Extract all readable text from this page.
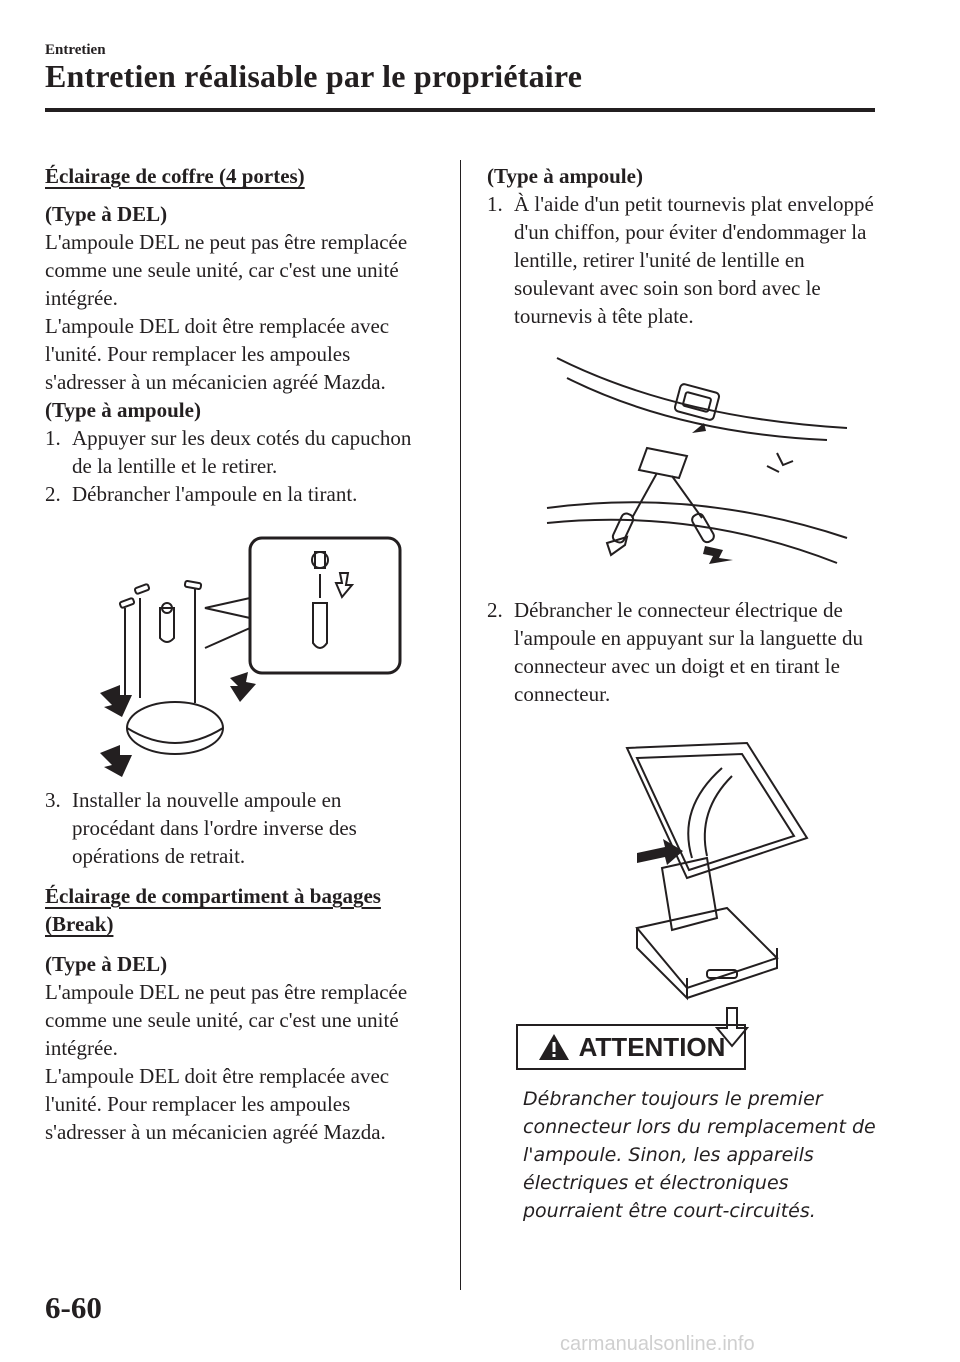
Entretien
Entretien réalisable par le propriétaire
Éclairage de coffre (4 portes)
(Type à DEL)

L'ampoule DEL ne peut pas être remplacée comme une seule unité, car c'est une unité intégrée.

L'ampoule DEL doit être remplacée avec l'unité. Pour remplacer les ampoules s'adresser à un mécanicien agréé Mazda.

(Type à ampoule)
1. Appuyer sur les deux cotés du capuchon de la lentille et le retirer.
2. Débrancher l'ampoule en la tirant.
3. Installer la nouvelle ampoule en procédant dans l'ordre inverse des opérations de retrait.
Éclairage de compartiment à bagages (Break)
(Type à DEL)

L'ampoule DEL ne peut pas être remplacée comme une seule unité, car c'est une unité intégrée.

L'ampoule DEL doit être remplacée avec l'unité. Pour remplacer les ampoules s'adresser à un mécanicien agréé Mazda.

(Type à ampoule)
1. À l'aide d'un petit tournevis plat enveloppé d'un chiffon, pour éviter d'endommager la lentille, retirer l'unité de lentille en soulevant avec soin son bord avec le tournevis à tête plate.
2. Débrancher le connecteur électrique de l'ampoule en appuyant sur la languette du connecteur avec un doigt et en tirant le connecteur.
ATTENTION
Débrancher toujours le premier connecteur lors du remplacement de l'ampoule. Sinon, les appareils électriques et électroniques pourraient être court-circuités.
6-60
carmanualsonline.info
